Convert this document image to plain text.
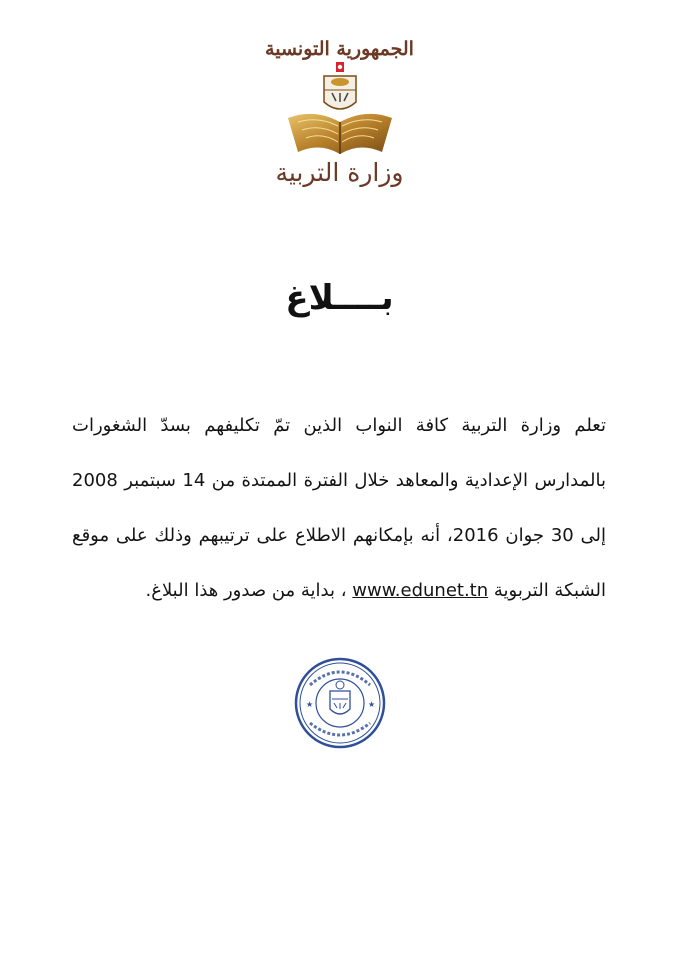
الجمهورية التونسية
وزارة التربية
بــــلاغ
تعلم وزارة التربية كافة النواب الذين تمّ تكليفهم بسدّ الشغورات
بالمدارس الإعدادية والمعاهد خلال الفترة الممتدة من 14 سبتمبر 2008
إلى 30 جوان 2016، أنه بإمكانهم الاطلاع على ترتيبهم وذلك على موقع
الشبكة التربوية www.edunet.tn ، بداية من صدور هذا البلاغ.
★	★
